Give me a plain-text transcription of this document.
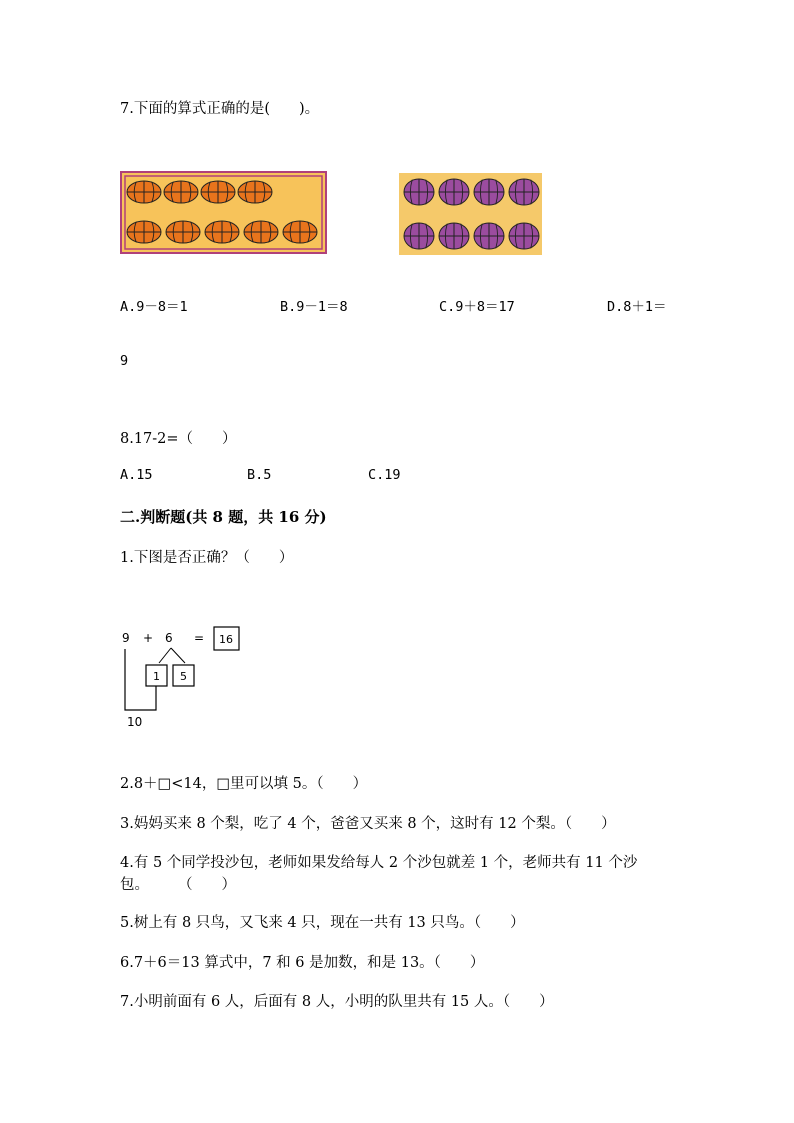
7.下面的算式正确的是(　　)。
A.9－8＝1	B.9－1＝8	C.9＋8＝17	D.8＋1＝
9
8.17-2=（　　）
A.15	B.5	C.19
二.判断题(共 8 题，共 16 分)
1.下图是否正确？（　　）
9 + 6 = 16
1 5
10
2.8＋□<14，□里可以填 5。（　　）
3.妈妈买来 8 个梨，吃了 4 个，爸爸又买来 8 个，这时有 12 个梨。（　　）
4.有 5 个同学投沙包，老师如果发给每人 2 个沙包就差 1 个，老师共有 11 个沙
包。　　　（　　）
5.树上有 8 只鸟，又飞来 4 只，现在一共有 13 只鸟。（　　）
6.7＋6＝13 算式中，7 和 6 是加数，和是 13。（　　）
7.小明前面有 6 人，后面有 8 人，小明的队里共有 15 人。（　　）
